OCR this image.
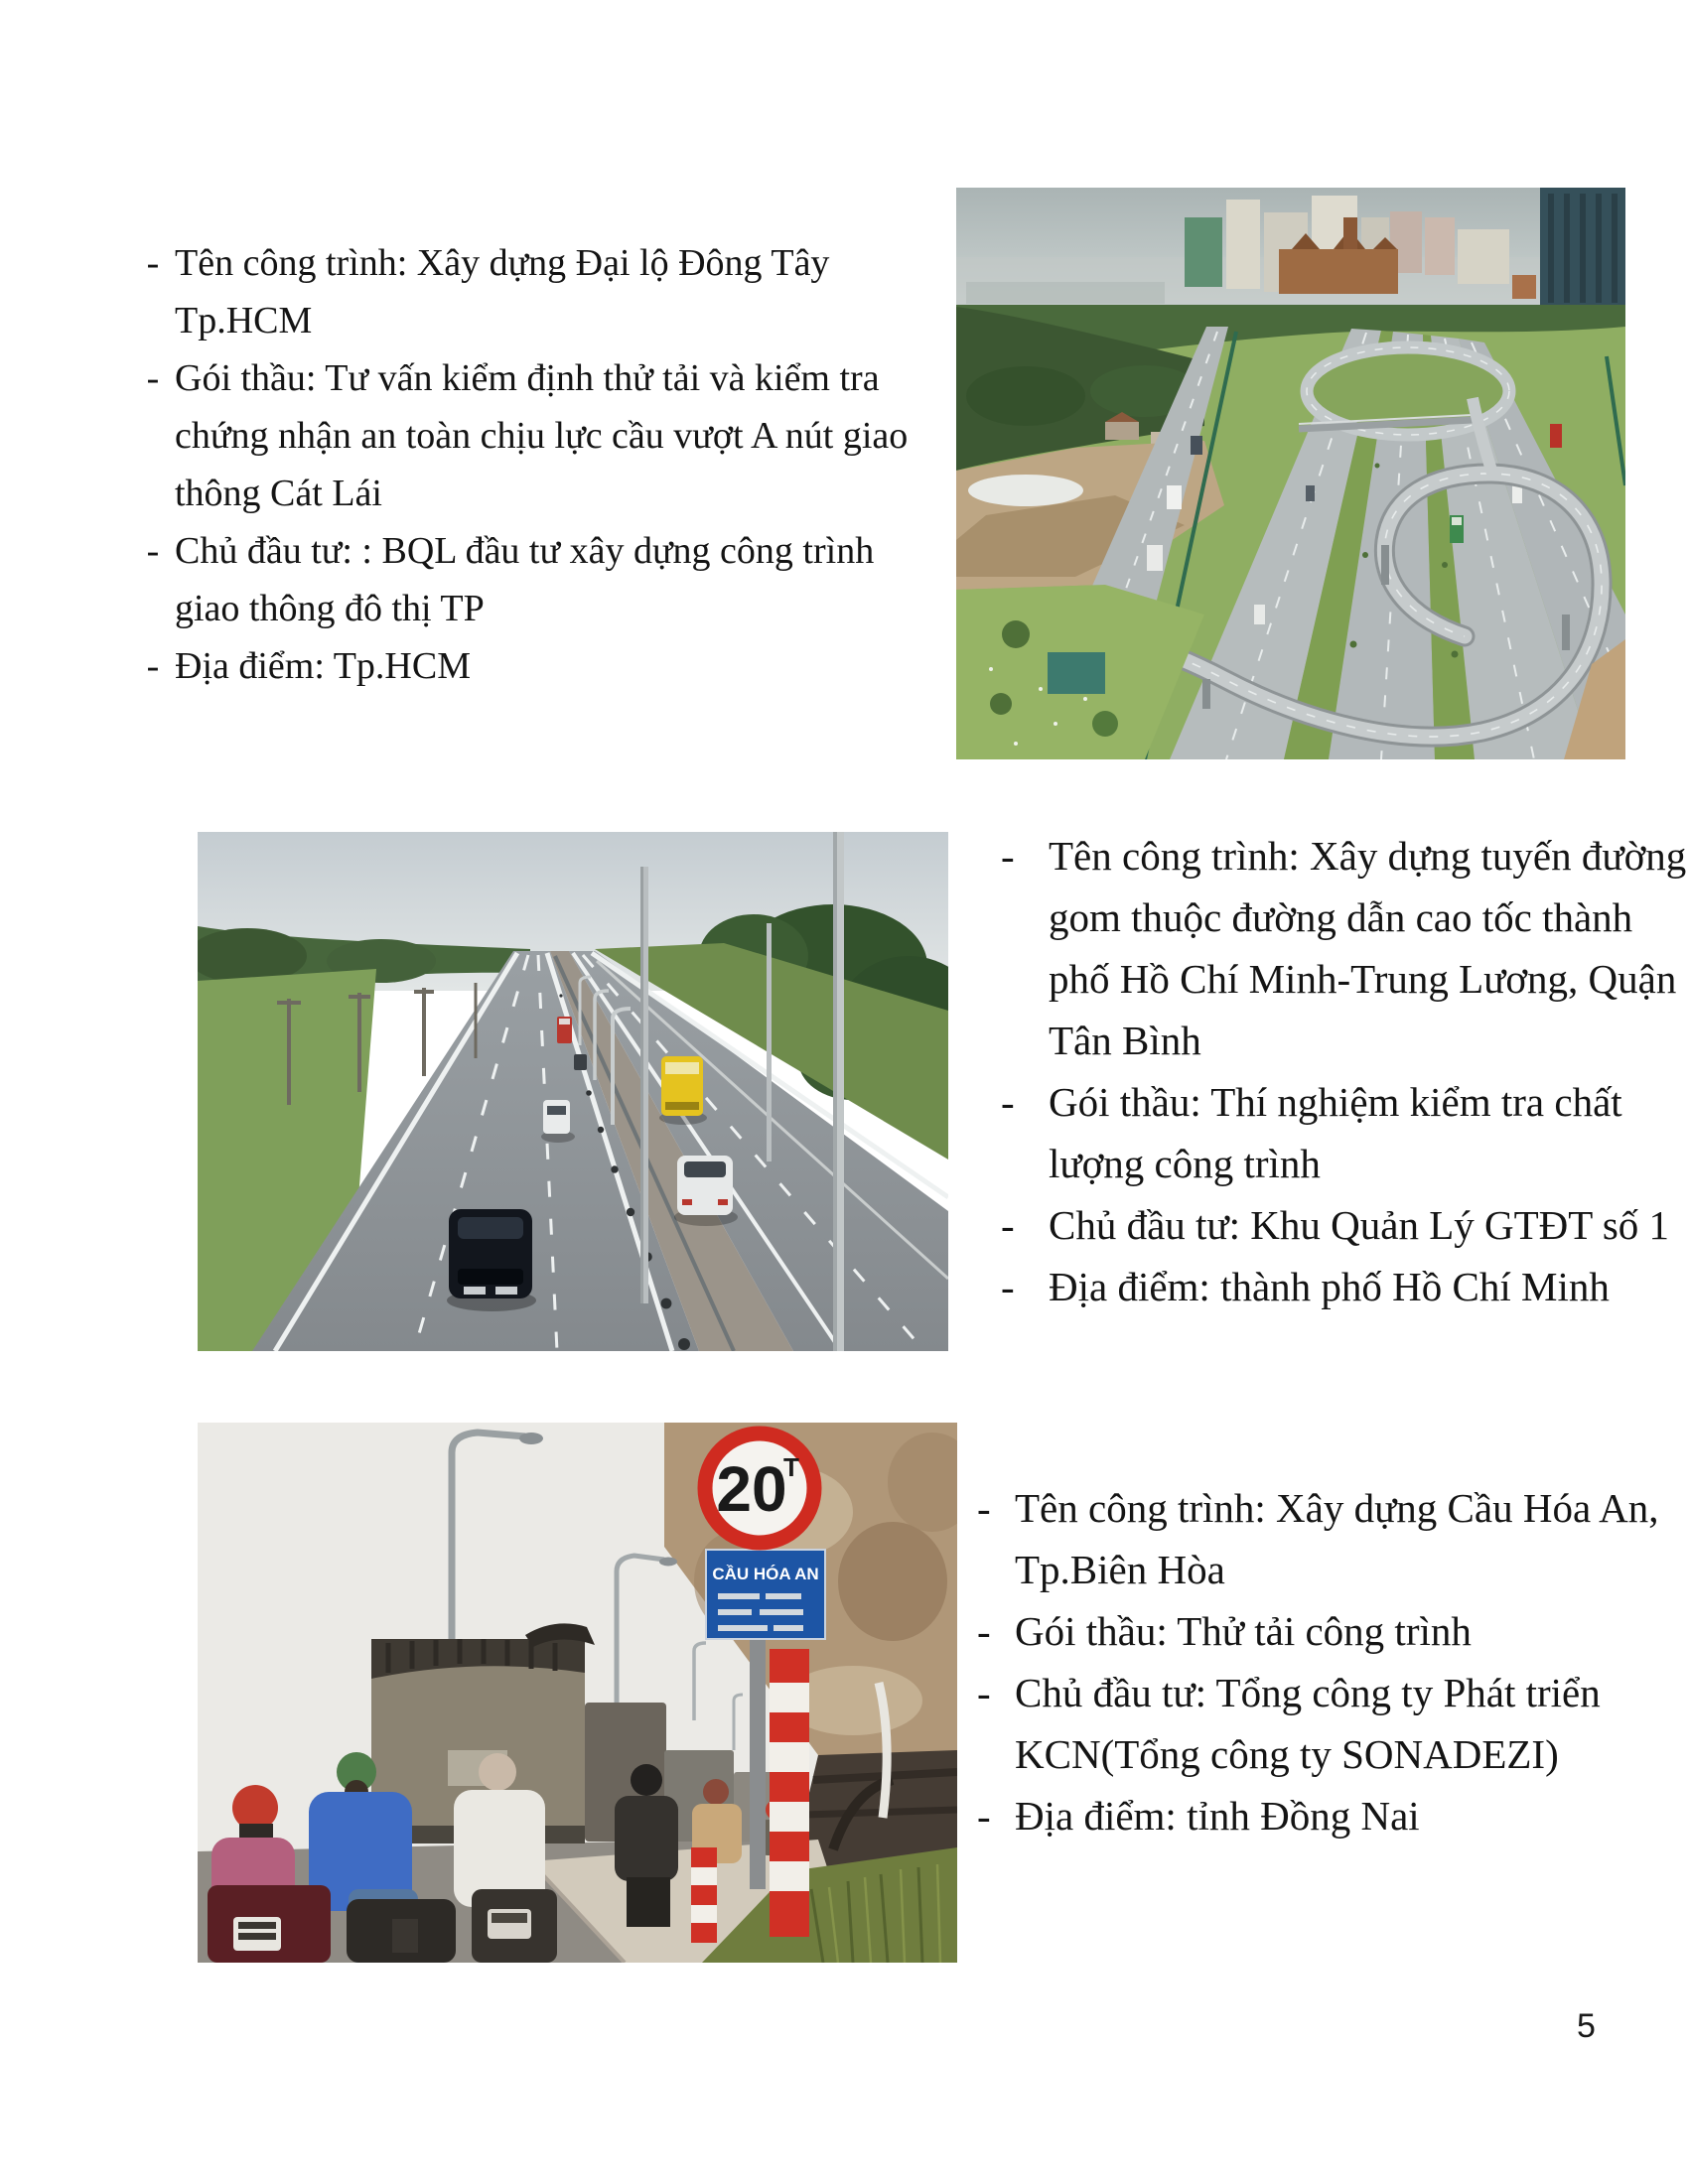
- Tên công trình: Xây dựng Đại lộ Đông Tây
Tp.HCM
- Gói thầu: Tư vấn kiểm định thử tải và kiểm tra
chứng nhận an toàn chịu lực cầu vượt A nút giao
thông Cát Lái
- Chủ đầu tư: : BQL đầu tư xây dựng công trình
giao thông đô thị TP
- Địa điểm: Tp.HCM
- Tên công trình: Xây dựng tuyến đường
gom thuộc đường dẫn cao tốc thành
phố Hồ Chí Minh-Trung Lương, Quận
Tân Bình
- Gói thầu: Thí nghiệm kiểm tra chất
lượng công trình
- Chủ đầu tư: Khu Quản Lý GTĐT số 1
- Địa điểm: thành phố Hồ Chí Minh
CẦU HÓA AN
20
T
- Tên công trình: Xây dựng Cầu Hóa An,
Tp.Biên Hòa
- Gói thầu: Thử tải công trình
- Chủ đầu tư: Tổng công ty Phát triển
KCN(Tổng công ty SONADEZI)
- Địa điểm: tỉnh Đồng Nai
5
